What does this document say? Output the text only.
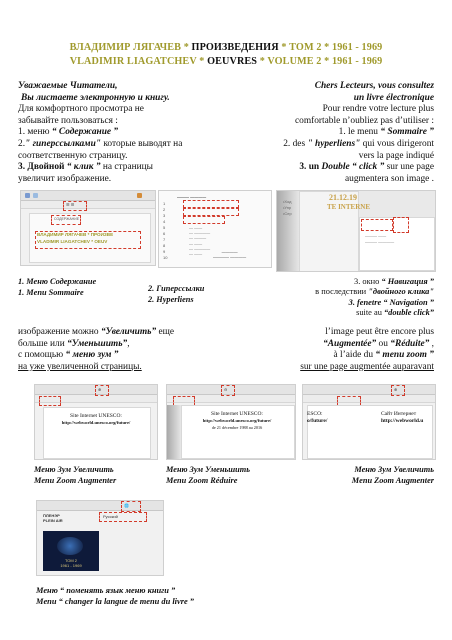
ВЛАДИМИР ЛЯГАЧЕВ * ПРОИЗВЕДЕНИЯ * ТОМ 2 * 1961 - 1969
VLADIMIR LIAGATCHEV * OEUVRES * VOLUME 2 * 1961 - 1969
Уважаемые Читатели,
Вы листаете электронную и книгу.
Для комфортного просмотра не
забывайте пользоваться :
1. меню “ Содержание ”
2." гиперссылками" которые выводят на
соответственную страницу.
3. Двойной “ клик ” на страницы
увеличит изображение.
Chers Lecteurs, vous consultez
un livre électronique
Pour rendre votre lecture plus
comfortable n’oubliez pas d’utiliser :
1. le menu “ Sommaire ”
2. des " hyperliens" qui vous dirigeront
vers la page indiqué
3. un Double “ click ” sur une page
augmentera son image .
☰ ☰
СОДЕРЖАНИЕ
ВЛАДИМИР ЛЯГАЧЕВ * ПРОИЗВЕ
VLADIMIR LIAGATCHEV * OEUV
——— ————
1
2
3
4
5
6
7
8
9
10
— ——
— ————
— ———
— ——
— ————
— ——	————
———— ————
21.12.19
TE INTERNE
——— ——
——— ————
•Ход
•Упр
•Сер
1. Меню Содержание
1. Menu Sommaire	2. Гиперссылки
2. Hyperliens
3. окно “ Навигация ”
в последствии "двойного клика"
3. fenetre “ Navigation ”
suite au “double click”
изображение можно “Увеличить” еще
больше или “Уменьшить”,
с помощью “ меню зум ”
на уже увеличенной страницы.
l’image peut être encore plus
“Augmentée” ou “Réduite” ,
à l’aide du “ menu zoom ”
sur une page augmentée auparavant
⊕
Site Internet UNESCO:
http://webworld.unesco.org/future/
⊖
Site Internet UNESCO:
http://webworld.unesco.org/future/
de 21 décembre 1988 au 2016
⊕
ESCO:
o/future/
Сайт Интернет
http://webworld.u
Меню Зум Увеличить
Menu Zoom Augmenter
Меню Зум Уменьшить
Menu Zoom Réduire
Меню Зум Увеличить
Menu Zoom Augmenter
🌐
Русский
ПЛЕНЭР
PLEIN AIR
ТОМ 2
1961 - 1969
Меню “ поменять язык меню книги ”
Menu “ changer la langue de menu du livre ”
